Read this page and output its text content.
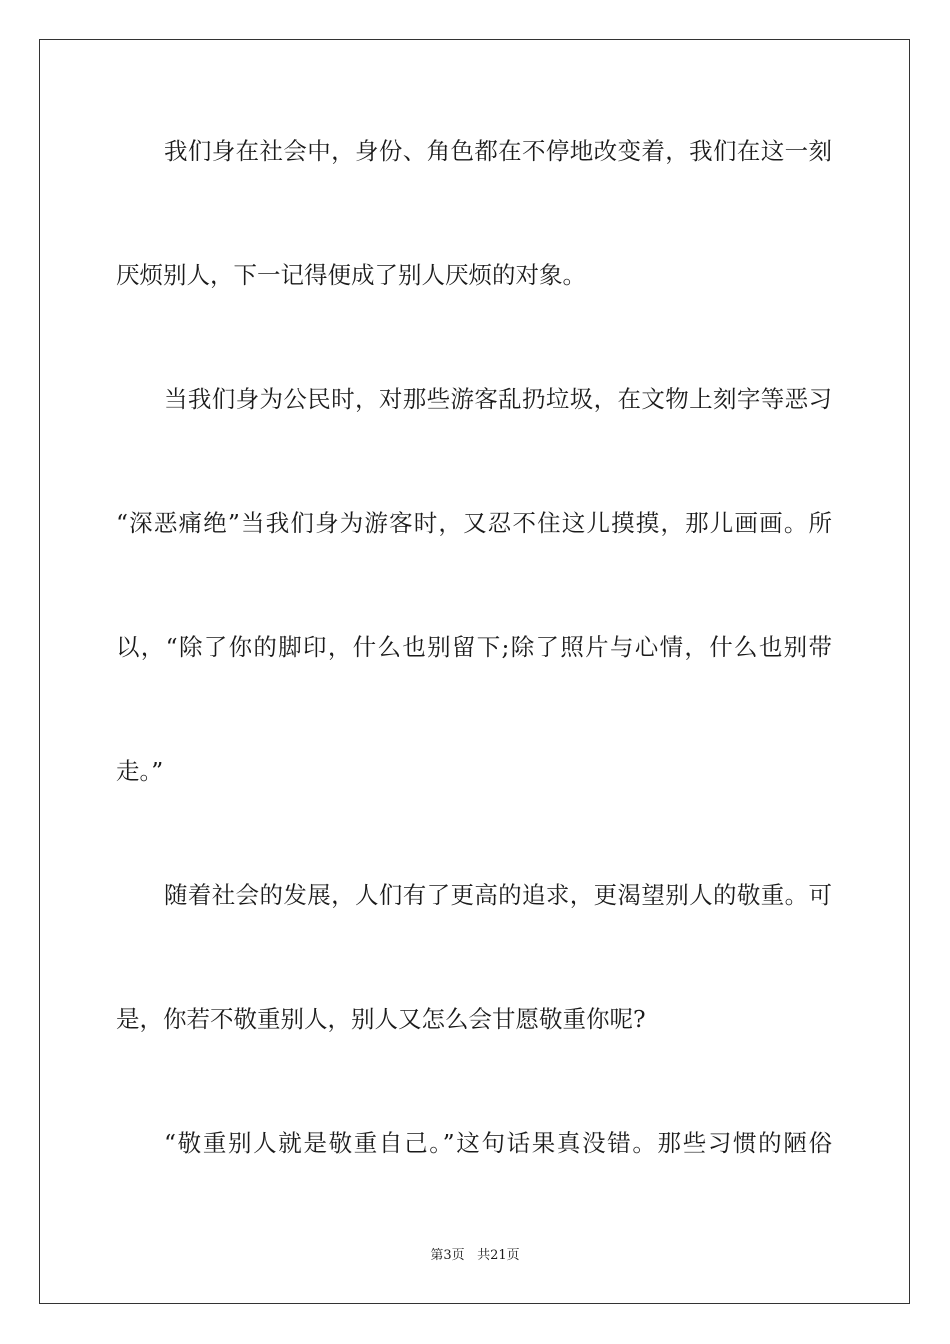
我们身在社会中，身份、角色都在不停地改变着，我们在这一刻
厌烦别人，下一记得便成了别人厌烦的对象。
当我们身为公民时，对那些游客乱扔垃圾，在文物上刻字等恶习
“深恶痛绝”当我们身为游客时，又忍不住这儿摸摸，那儿画画。所
以，“除了你的脚印，什么也别留下;除了照片与心情，什么也别带
走。”
随着社会的发展，人们有了更高的追求，更渴望别人的敬重。可
是，你若不敬重别人，别人又怎么会甘愿敬重你呢?
“敬重别人就是敬重自己。”这句话果真没错。那些习惯的陋俗
第3页 共21页
